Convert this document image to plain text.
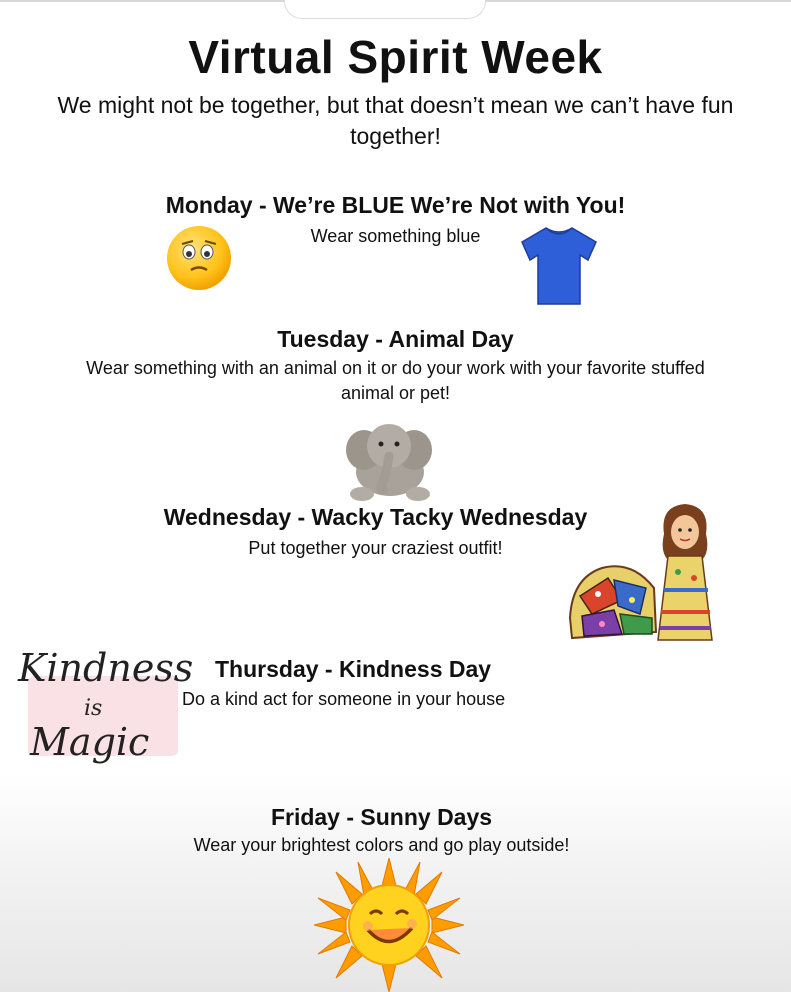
Virtual Spirit Week
We might not be together, but that doesn’t mean we can’t have fun together!
Monday - We’re BLUE We’re Not with You!
Wear something blue
Tuesday - Animal Day
Wear something with an animal on it or do your work with your favorite stuffed animal or pet!
Wednesday - Wacky Tacky Wednesday
Put together your craziest outfit!
Kindness
is
Magic
Thursday - Kindness Day
Do a kind act for someone in your house
Friday - Sunny Days
Wear your brightest colors and go play outside!
